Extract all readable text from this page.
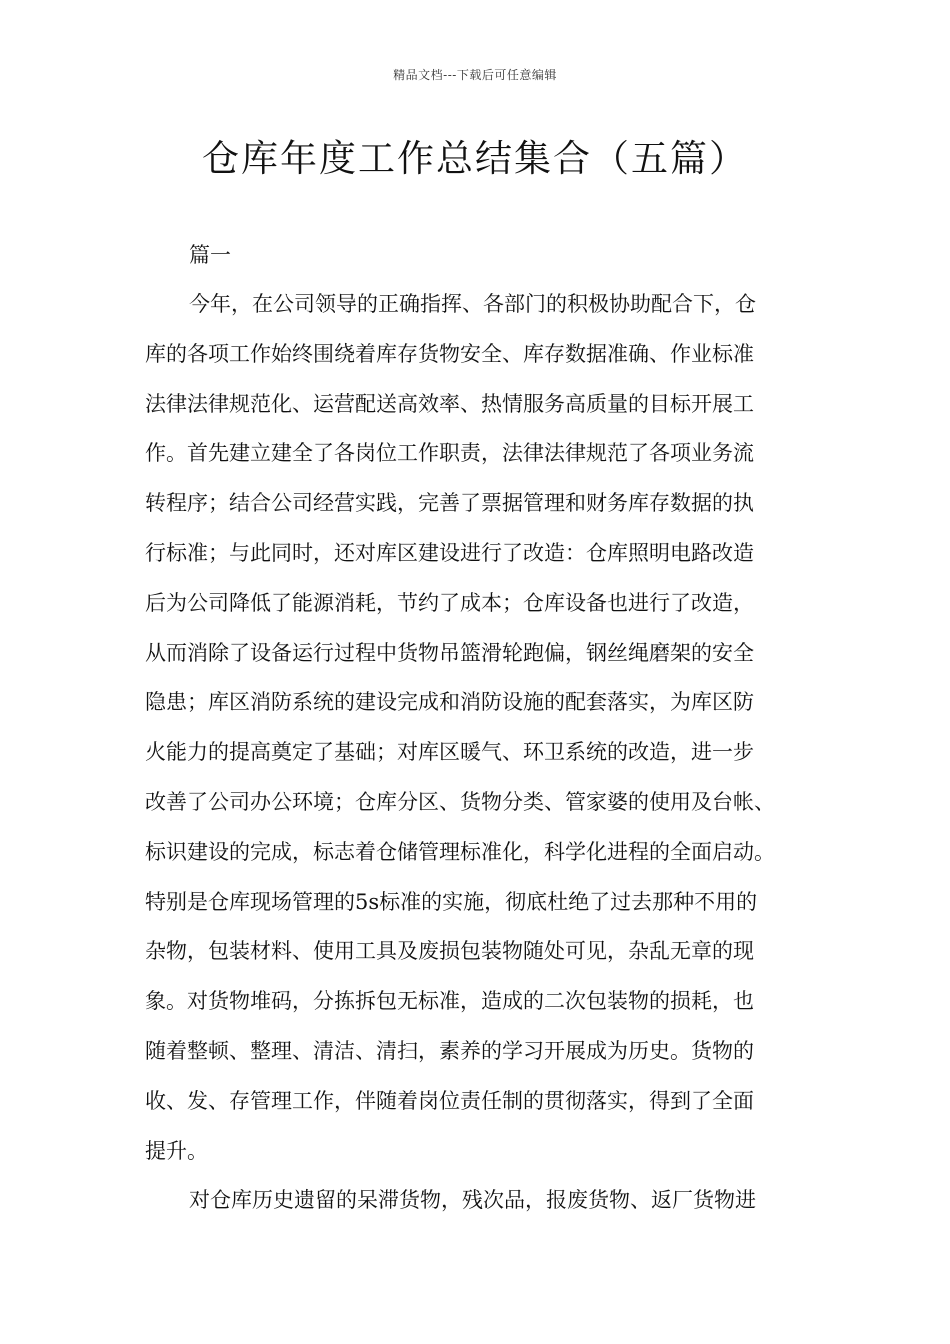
精品文档---下载后可任意编辑
仓库年度工作总结集合（五篇）
篇一

今年，在公司领导的正确指挥、各部门的积极协助配合下，仓
库的各项工作始终围绕着库存货物安全、库存数据准确、作业标准
法律法律规范化、运营配送高效率、热情服务高质量的目标开展工
作。首先建立建全了各岗位工作职责，法律法律规范了各项业务流
转程序；结合公司经营实践，完善了票据管理和财务库存数据的执
行标准；与此同时，还对库区建设进行了改造：仓库照明电路改造
后为公司降低了能源消耗，节约了成本；仓库设备也进行了改造，
从而消除了设备运行过程中货物吊篮滑轮跑偏，钢丝绳磨架的安全
隐患；库区消防系统的建设完成和消防设施的配套落实，为库区防
火能力的提高奠定了基础；对库区暖气、环卫系统的改造，进一步
改善了公司办公环境；仓库分区、货物分类、管家婆的使用及台帐、
标识建设的完成，标志着仓储管理标准化，科学化进程的全面启动。
特别是仓库现场管理的5s标准的实施，彻底杜绝了过去那种不用的
杂物，包装材料、使用工具及废损包装物随处可见，杂乱无章的现
象。对货物堆码，分拣拆包无标准，造成的二次包装物的损耗，也
随着整顿、整理、清洁、清扫，素养的学习开展成为历史。货物的
收、发、存管理工作，伴随着岗位责任制的贯彻落实，得到了全面
提升。

对仓库历史遗留的呆滞货物，残次品，报废货物、返厂货物进
